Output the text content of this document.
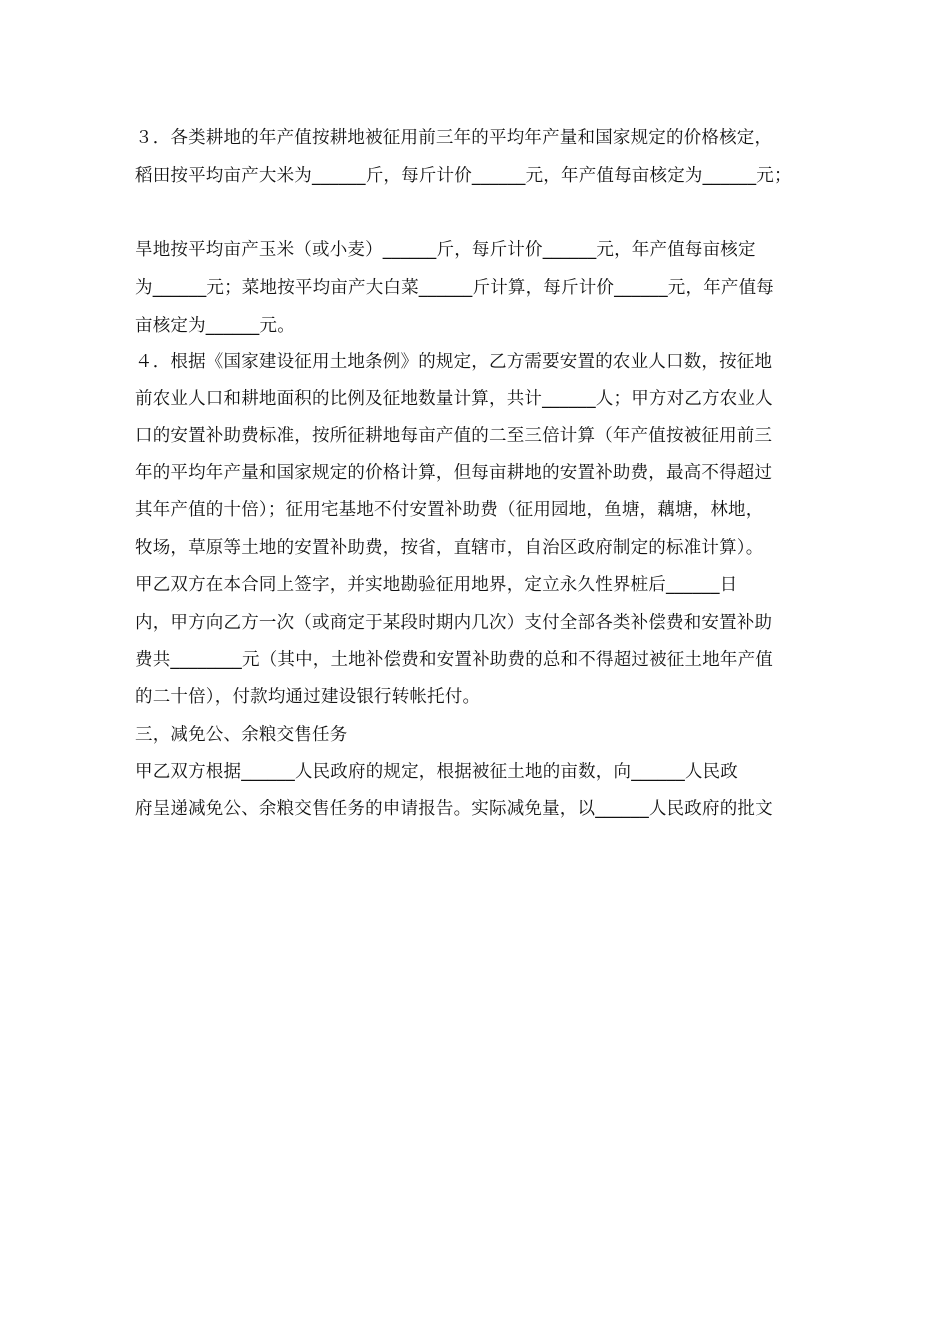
３．各类耕地的年产值按耕地被征用前三年的平均年产量和国家规定的价格核定，
稻田按平均亩产大米为______斤，每斤计价______元，年产值每亩核定为______元；
旱地按平均亩产玉米（或小麦）______斤，每斤计价______元，年产值每亩核定
为______元；菜地按平均亩产大白菜______斤计算，每斤计价______元，年产值每
亩核定为______元。
４．根据《国家建设征用土地条例》的规定，乙方需要安置的农业人口数，按征地
前农业人口和耕地面积的比例及征地数量计算，共计______人；甲方对乙方农业人
口的安置补助费标准，按所征耕地每亩产值的二至三倍计算（年产值按被征用前三
年的平均年产量和国家规定的价格计算，但每亩耕地的安置补助费，最高不得超过
其年产值的十倍）；征用宅基地不付安置补助费（征用园地，鱼塘，藕塘，林地，
牧场，草原等土地的安置补助费，按省，直辖市，自治区政府制定的标准计算）。
甲乙双方在本合同上签字，并实地勘验征用地界，定立永久性界桩后______日
内，甲方向乙方一次（或商定于某段时期内几次）支付全部各类补偿费和安置补助
费共________元（其中，土地补偿费和安置补助费的总和不得超过被征土地年产值
的二十倍），付款均通过建设银行转帐托付。
三，减免公、余粮交售任务
甲乙双方根据______人民政府的规定，根据被征土地的亩数，向______人民政
府呈递减免公、余粮交售任务的申请报告。实际减免量，以______人民政府的批文
